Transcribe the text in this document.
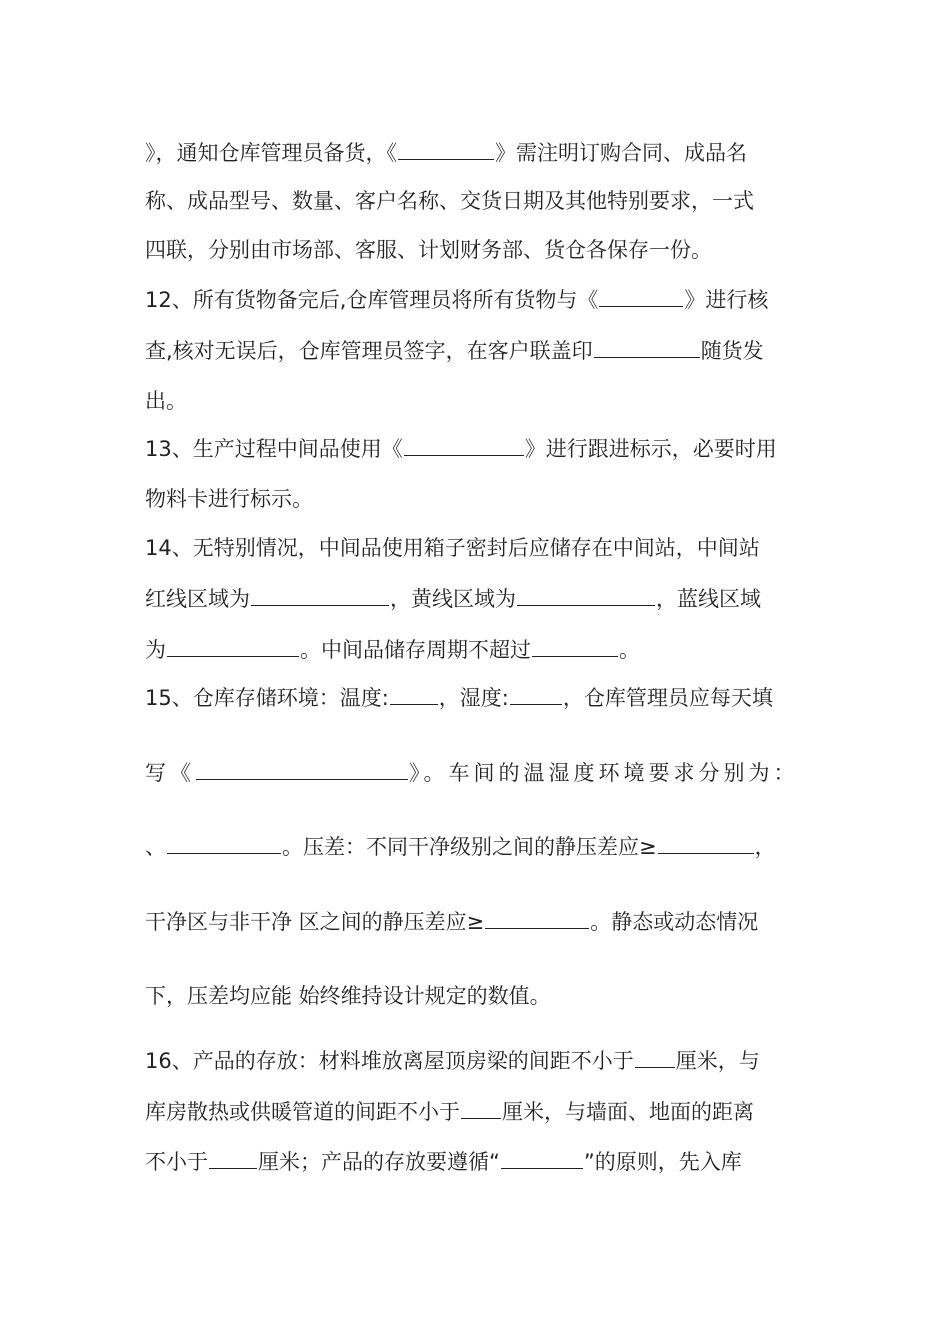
》，通知仓库管理员备货，《	》需注明订购合同、成品名
称、成品型号、数量、客户名称、交货日期及其他特别要求，一式
四联，分别由市场部、客服、计划财务部、货仓各保存一份。
12、所有货物备完后,仓库管理员将所有货物与《	》进行核
查,核对无误后，仓库管理员签字，在客户联盖印	随货发
出。
13、生产过程中间品使用《	》进行跟进标示，必要时用
物料卡进行标示。
14、无特别情况，中间品使用箱子密封后应储存在中间站，中间站
红线区域为	，黄线区域为	，蓝线区域
为	。中间品储存周期不超过	。
15、仓库存储环境：温度: ，湿度:	，仓库管理员应每天填
写《	》。车间的温湿度环境要求分别为：
、	。压差：不同干净级别之间的静压差应≥	，
干净区与非干净 区之间的静压差应≥	。静态或动态情况
下，压差均应能 始终维持设计规定的数值。
16、产品的存放：材料堆放离屋顶房梁的间距不小于 厘米，与
库房散热或供暖管道的间距不小于 厘米，与墙面、地面的距离
不小于 厘米；产品的存放要遵循“	”的原则，先入库
